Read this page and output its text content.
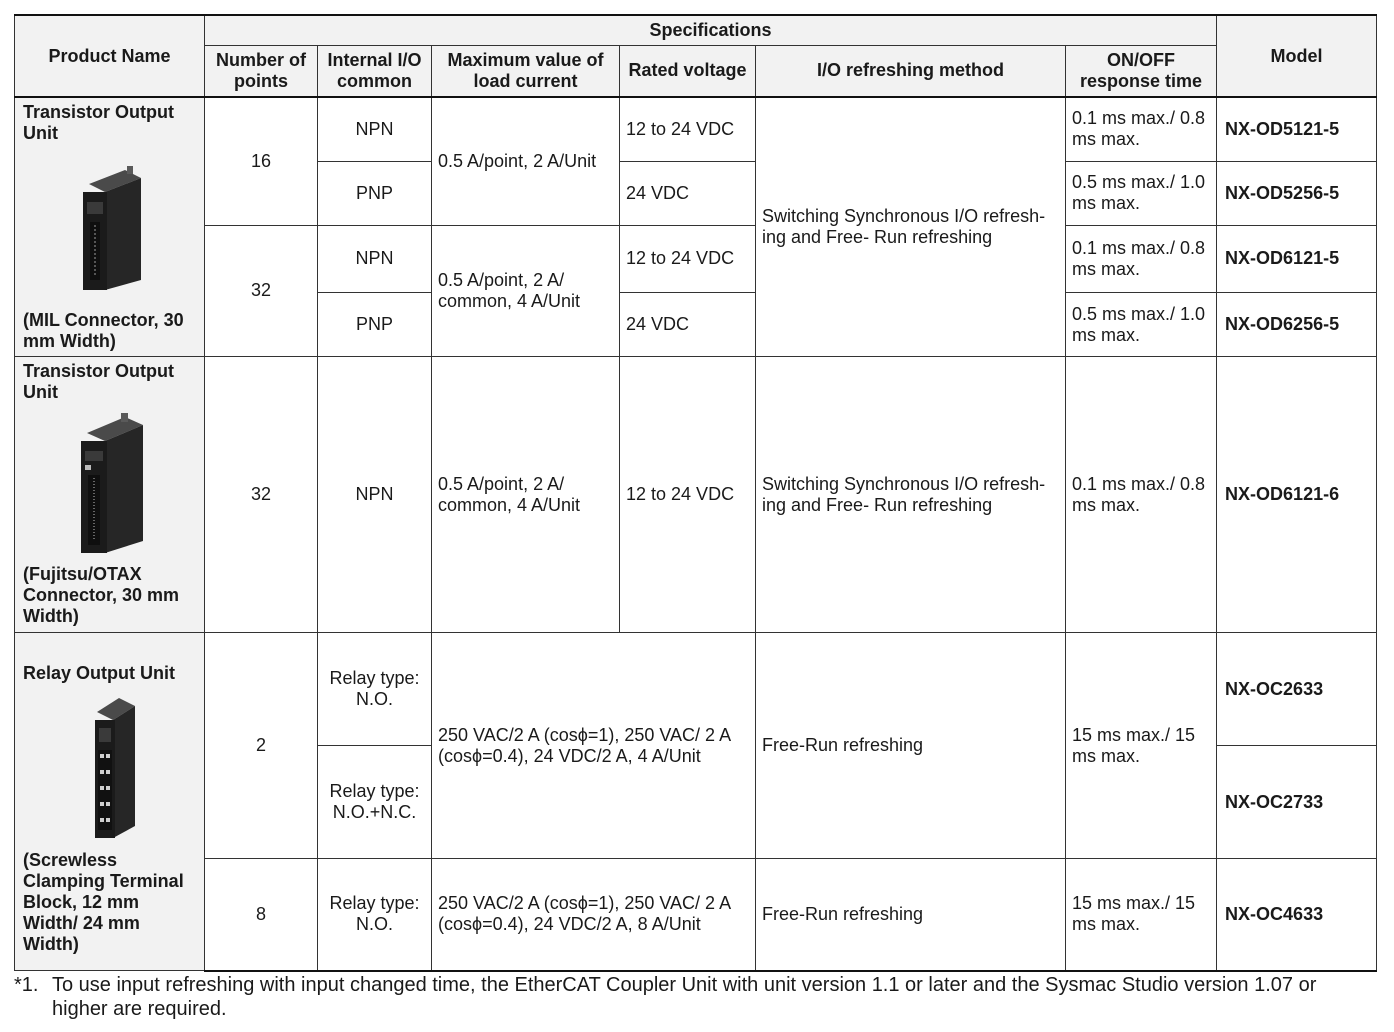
Product Name	Specifications						Model
	Number of points	Internal I/O common	Maximum value of load current	Rated voltage	I/O refreshing method	ON/OFF response time	

Transistor Output Unit
(MIL Connector, 30 mm Width)	16	NPN	0.5 A/point, 2 A/Unit	12 to 24 VDC	Switching Synchronous I/O refresh-ing and Free- Run refreshing	0.1 ms max./ 0.8 ms max.	NX-OD5121-5
		PNP		24 VDC		0.5 ms max./ 1.0 ms max.	NX-OD5256-5
	32	NPN	0.5 A/point, 2 A/ common, 4 A/Unit	12 to 24 VDC		0.1 ms max./ 0.8 ms max.	NX-OD6121-5
		PNP		24 VDC		0.5 ms max./ 1.0 ms max.	NX-OD6256-5

Transistor Output Unit
(Fujitsu/OTAX Connector, 30 mm Width)	32	NPN	0.5 A/point, 2 A/ common, 4 A/Unit	12 to 24 VDC	Switching Synchronous I/O refresh-ing and Free- Run refreshing	0.1 ms max./ 0.8 ms max.	NX-OD6121-6

Relay Output Unit
(Screwless Clamping Terminal Block, 12 mm Width/ 24 mm Width)	2	Relay type: N.O.	250 VAC/2 A (cosϕ=1), 250 VAC/ 2 A (cosϕ=0.4), 24 VDC/2 A, 4 A/Unit		Free-Run refreshing	15 ms max./ 15 ms max.	NX-OC2633
		Relay type: N.O.+N.C.					NX-OC2733
	8	Relay type: N.O.	250 VAC/2 A (cosϕ=1), 250 VAC/ 2 A (cosϕ=0.4), 24 VDC/2 A, 8 A/Unit		Free-Run refreshing	15 ms max./ 15 ms max.	NX-OC4633
*1. To use input refreshing with input changed time, the EtherCAT Coupler Unit with unit version 1.1 or later and the Sysmac Studio version 1.07 or higher are required.
